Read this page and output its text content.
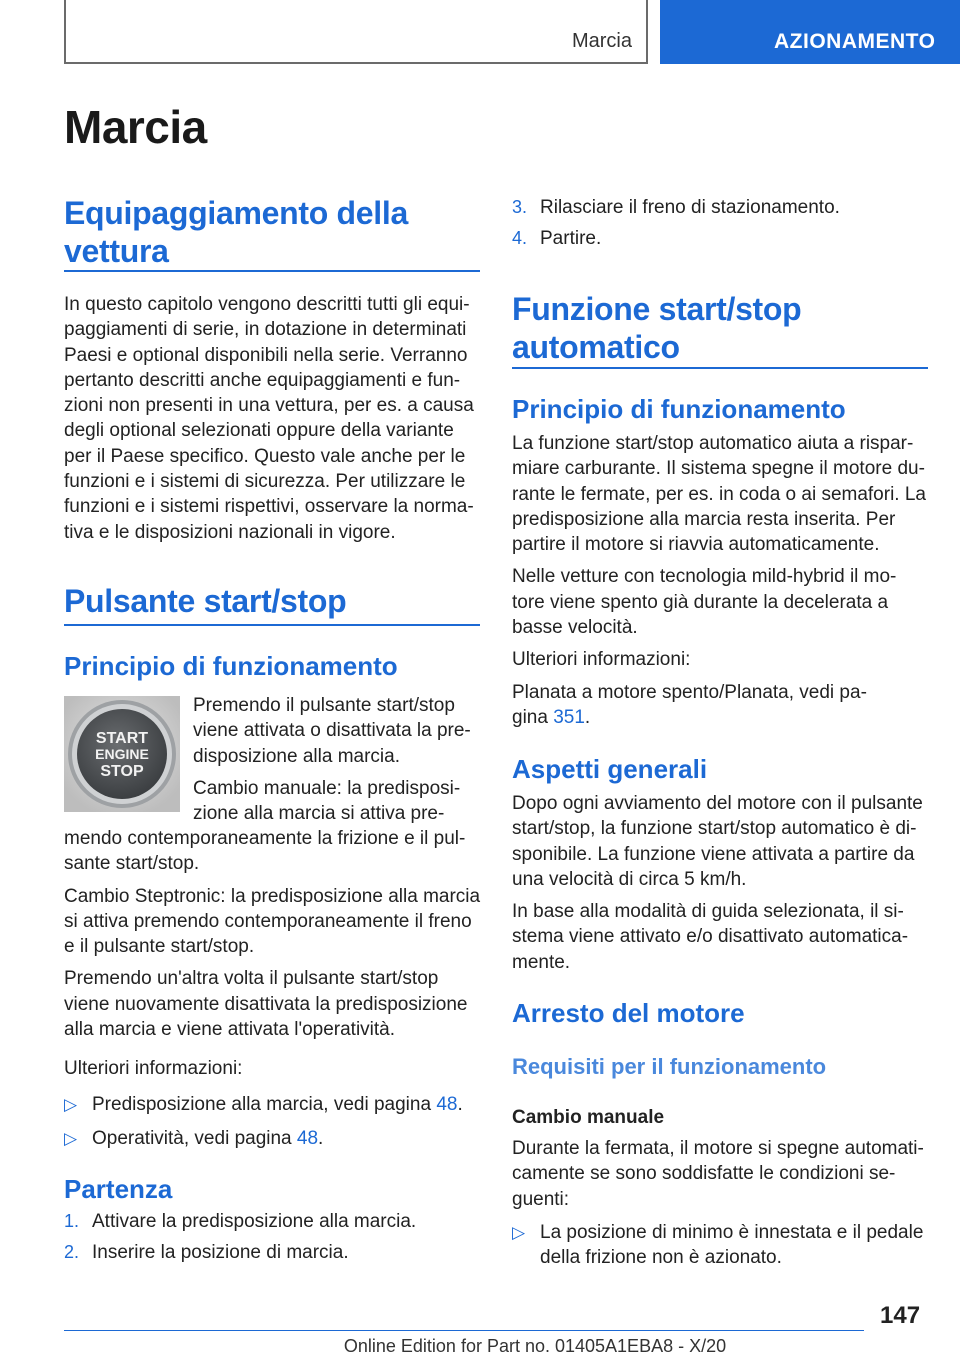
Marcia	AZIONAMENTO
Marcia
Equipaggiamento della
vettura

In questo capitolo vengono descritti tutti gli equi-
paggiamenti di serie, in dotazione in determinati
Paesi e optional disponibili nella serie. Verranno
pertanto descritti anche equipaggiamenti e fun-
zioni non presenti in una vettura, per es. a causa
degli optional selezionati oppure della variante
per il Paese specifico. Questo vale anche per le
funzioni e i sistemi di sicurezza. Per utilizzare le
funzioni e i sistemi rispettivi, osservare la norma-
tiva e le disposizioni nazionali in vigore.

Pulsante start/stop
Principio di funzionamento
START
ENGINE
STOP

Premendo il pulsante start/stop
viene attivata o disattivata la pre-
disposizione alla marcia.

Cambio manuale: la predisposi-
zione alla marcia si attiva pre-

mendo contemporaneamente la frizione e il pul-
sante start/stop.

Cambio Steptronic: la predisposizione alla marcia
si attiva premendo contemporaneamente il freno
e il pulsante start/stop.

Premendo un'altra volta il pulsante start/stop
viene nuovamente disattivata la predisposizione
alla marcia e viene attivata l'operatività.

Ulteriori informazioni:

▷ Predisposizione alla marcia, vedi pagina 48.
▷ Operatività, vedi pagina 48.
Partenza
1. Attivare la predisposizione alla marcia.
2. Inserire la posizione di marcia.
3. Rilasciare il freno di stazionamento.
4. Partire.
Funzione start/stop
automatico
Principio di funzionamento

La funzione start/stop automatico aiuta a rispar-
miare carburante. Il sistema spegne il motore du-
rante le fermate, per es. in coda o ai semafori. La
predisposizione alla marcia resta inserita. Per
partire il motore si riavvia automaticamente.

Nelle vetture con tecnologia mild-hybrid il mo-
tore viene spento già durante la decelerata a
basse velocità.

Ulteriori informazioni:

Planata a motore spento/Planata, vedi pa-
gina 351.

Aspetti generali

Dopo ogni avviamento del motore con il pulsante
start/stop, la funzione start/stop automatico è di-
sponibile. La funzione viene attivata a partire da
una velocità di circa 5 km/h.

In base alla modalità di guida selezionata, il si-
stema viene attivato e/o disattivato automatica-
mente.

Arresto del motore
Requisiti per il funzionamento
Cambio manuale

Durante la fermata, il motore si spegne automati-
camente se sono soddisfatte le condizioni se-
guenti:

▷ La posizione di minimo è innestata e il pedale
della frizione non è azionato.
147
Online Edition for Part no. 01405A1EBA8 - X/20
